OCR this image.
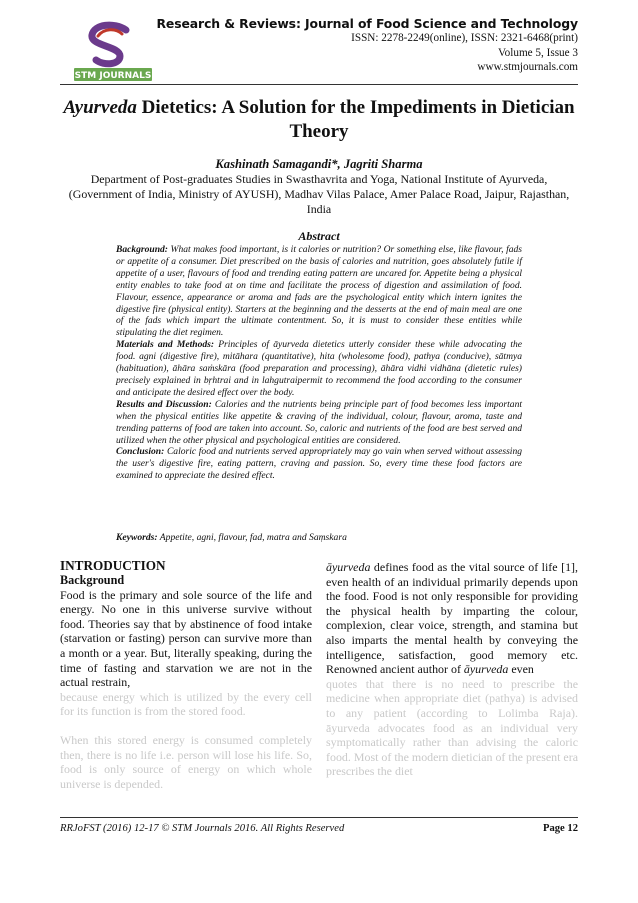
STM JOURNALS
Research & Reviews: Journal of Food Science and Technology
ISSN: 2278-2249(online), ISSN: 2321-6468(print)
Volume 5, Issue 3
www.stmjournals.com
Ayurveda Dietetics: A Solution for the Impediments in Dietician Theory
Kashinath Samagandi*, Jagriti Sharma
Department of Post-graduates Studies in Swasthavrita and Yoga, National Institute of Ayurveda, (Government of India, Ministry of AYUSH), Madhav Vilas Palace, Amer Palace Road, Jaipur, Rajasthan, India
Abstract

Background: What makes food important, is it calories or nutrition? Or something else, like flavour, fads or appetite of a consumer. Diet prescribed on the basis of calories and nutrition, goes absolutely futile if appetite of a user, flavours of food and trending eating pattern are uncared for. Appetite being a physical entity enables to take food at on time and facilitate the process of digestion and assimilation of food. Flavour, essence, appearance or aroma and fads are the psychological entity which intern ignites the digestive fire (physical entity). Starters at the beginning and the desserts at the end of main meal are one of the fads which impart the ultimate contentment. So, it is must to consider these entities while stipulating the diet regimen.

Materials and Methods: Principles of āyurveda dietetics utterly consider these while advocating the food. agni (digestive fire), mitāhara (quantitative), hita (wholesome food), pathya (conducive), sātmya (habituation), āhāra saṁskāra (food preparation and processing), āhāra vidhi vidhāna (dietetic rules) precisely explained in bṛhtrai and in lahgutraipermit to recommend the food according to the consumer and anticipate the desired effect over the body.

Results and Discussion: Calories and the nutrients being principle part of food becomes less important when the physical entities like appetite & craving of the individual, colour, flavour, aroma, taste and trending patterns of food are taken into account. So, caloric and nutrients of the food are best served and utilized when the other physical and psychological entities are considered.

Conclusion: Caloric food and nutrients served appropriately may go vain when served without assessing the user's digestive fire, eating pattern, craving and passion. So, every time these food factors are examined to appreciate the desired effect.

Keywords: Appetite, agni, flavour, fad, matra and Saṃskara

INTRODUCTION

Background

Food is the primary and sole source of the life and energy. No one in this universe survive without food. Theories say that by abstinence of food intake (starvation or fasting) person can survive more than a month or a year. But, literally speaking, during the time of fasting and starvation we are not in the actual restrain,

because energy which is utilized by the every cell for its function is from the stored food.

When this stored energy is consumed completely then, there is no life i.e. person will lose his life. So, food is only source of energy on which whole universe is depended.

āyurveda defines food as the vital source of life [1], even health of an individual primarily depends upon the food. Food is not only responsible for providing the physical health by imparting the colour, complexion, clear voice, strength, and stamina but also imparts the mental health by conveying the intelligence, satisfaction, good memory etc. Renowned ancient author of āyurveda even

quotes that there is no need to prescribe the medicine when appropriate diet (pathya) is advised to any patient (according to Lolimba Raja). āyurveda advocates food as an individual very symptomatically rather than advising the caloric food. Most of the modern dietician of the present era prescribes the diet

RRJoFST (2016) 12-17 © STM Journals 2016. All Rights Reserved	Page 12
